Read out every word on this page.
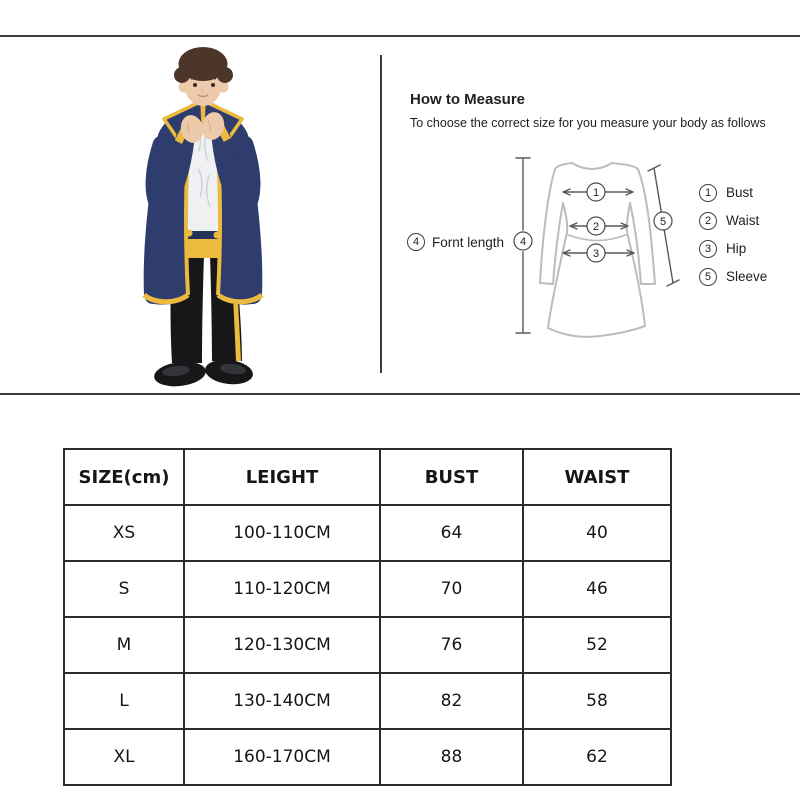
How to Measure
To choose the correct size for you measure your body as follows
4
1
2
3
5
4 Fornt length
1	Bust
2	Waist
3	Hip
5	Sleeve
SIZE(cm)	LEIGHT	BUST	WAIST
XS	100-110CM	64	40
S	110-120CM	70	46
M	120-130CM	76	52
L	130-140CM	82	58
XL	160-170CM	88	62
